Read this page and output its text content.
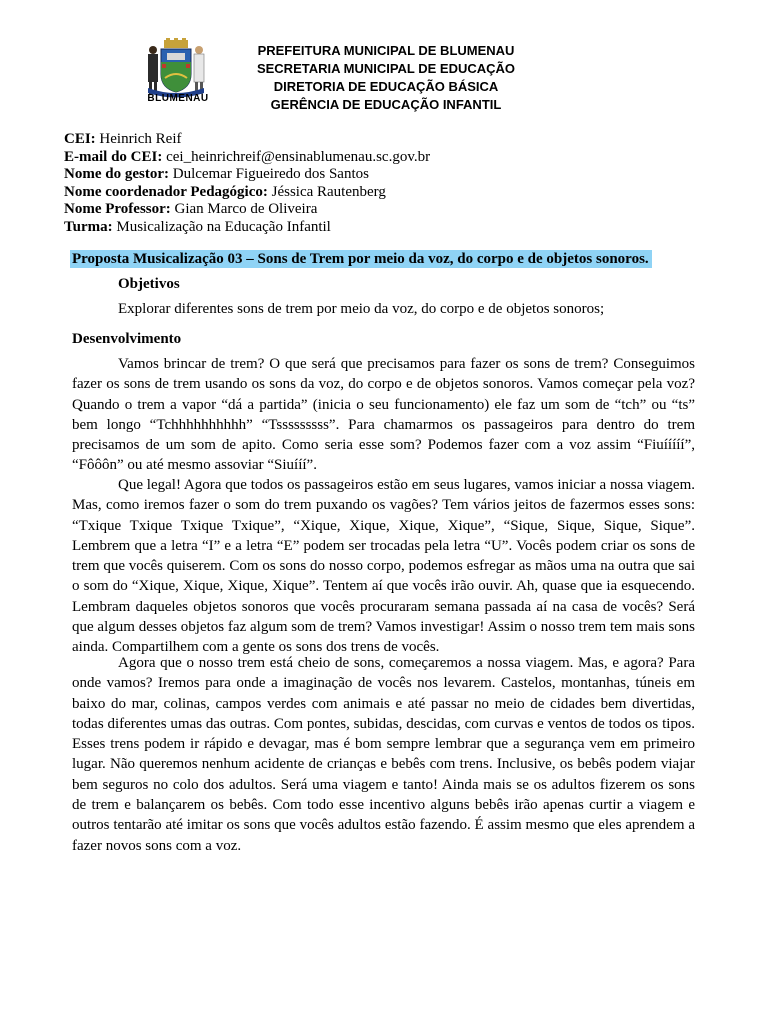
BLUMENAU
PREFEITURA MUNICIPAL DE BLUMENAU
SECRETARIA MUNICIPAL DE EDUCAÇÃO
DIRETORIA DE EDUCAÇÃO BÁSICA
GERÊNCIA DE EDUCAÇÃO INFANTIL
CEI: Heinrich Reif
E-mail do CEI: cei_heinrichreif@ensinablumenau.sc.gov.br
Nome do gestor: Dulcemar Figueiredo dos Santos
Nome coordenador Pedagógico: Jéssica Rautenberg
Nome Professor: Gian Marco de Oliveira
Turma: Musicalização na Educação Infantil
Proposta Musicalização 03 – Sons de Trem por meio da voz, do corpo e de objetos sonoros.
Objetivos
Explorar diferentes sons de trem por meio da voz, do corpo e de objetos sonoros;
Desenvolvimento

Vamos brincar de trem? O que será que precisamos para fazer os sons de trem? Conseguimos fazer os sons de trem usando os sons da voz, do corpo e de objetos sonoros. Vamos começar pela voz? Quando o trem a vapor “dá a partida” (inicia o seu funcionamento) ele faz um som de “tch” ou “ts” bem longo “Tchhhhhhhhhh” “Tsssssssss”. Para chamarmos os passageiros para dentro do trem precisamos de um som de apito. Como seria esse som? Podemos fazer com a voz assim “Fiuííííí”, “Fôôôn” ou até mesmo assoviar “Siuííí”.

Que legal! Agora que todos os passageiros estão em seus lugares, vamos iniciar a nossa viagem. Mas, como iremos fazer o som do trem puxando os vagões? Tem vários jeitos de fazermos esses sons: “Txique Txique Txique Txique”, “Xique, Xique, Xique, Xique”, “Sique, Sique, Sique, Sique”. Lembrem que a letra “I” e a letra “E” podem ser trocadas pela letra “U”. Vocês podem criar os sons de trem que vocês quiserem. Com os sons do nosso corpo, podemos esfregar as mãos uma na outra que sai o som do “Xique, Xique, Xique, Xique”. Tentem aí que vocês irão ouvir. Ah, quase que ia esquecendo. Lembram daqueles objetos sonoros que vocês procuraram semana passada aí na casa de vocês? Será que algum desses objetos faz algum som de trem? Vamos investigar! Assim o nosso trem tem mais sons ainda. Compartilhem com a gente os sons dos trens de vocês.

Agora que o nosso trem está cheio de sons, começaremos a nossa viagem. Mas, e agora? Para onde vamos? Iremos para onde a imaginação de vocês nos levarem. Castelos, montanhas, túneis em baixo do mar, colinas, campos verdes com animais e até passar no meio de cidades bem divertidas, todas diferentes umas das outras. Com pontes, subidas, descidas, com curvas e ventos de todos os tipos. Esses trens podem ir rápido e devagar, mas é bom sempre lembrar que a segurança vem em primeiro lugar. Não queremos nenhum acidente de crianças e bebês com trens. Inclusive, os bebês podem viajar bem seguros no colo dos adultos. Será uma viagem e tanto! Ainda mais se os adultos fizerem os sons de trem e balançarem os bebês. Com todo esse incentivo alguns bebês irão apenas curtir a viagem e outros tentarão até imitar os sons que vocês adultos estão fazendo. É assim mesmo que eles aprendem a fazer novos sons com a voz.
